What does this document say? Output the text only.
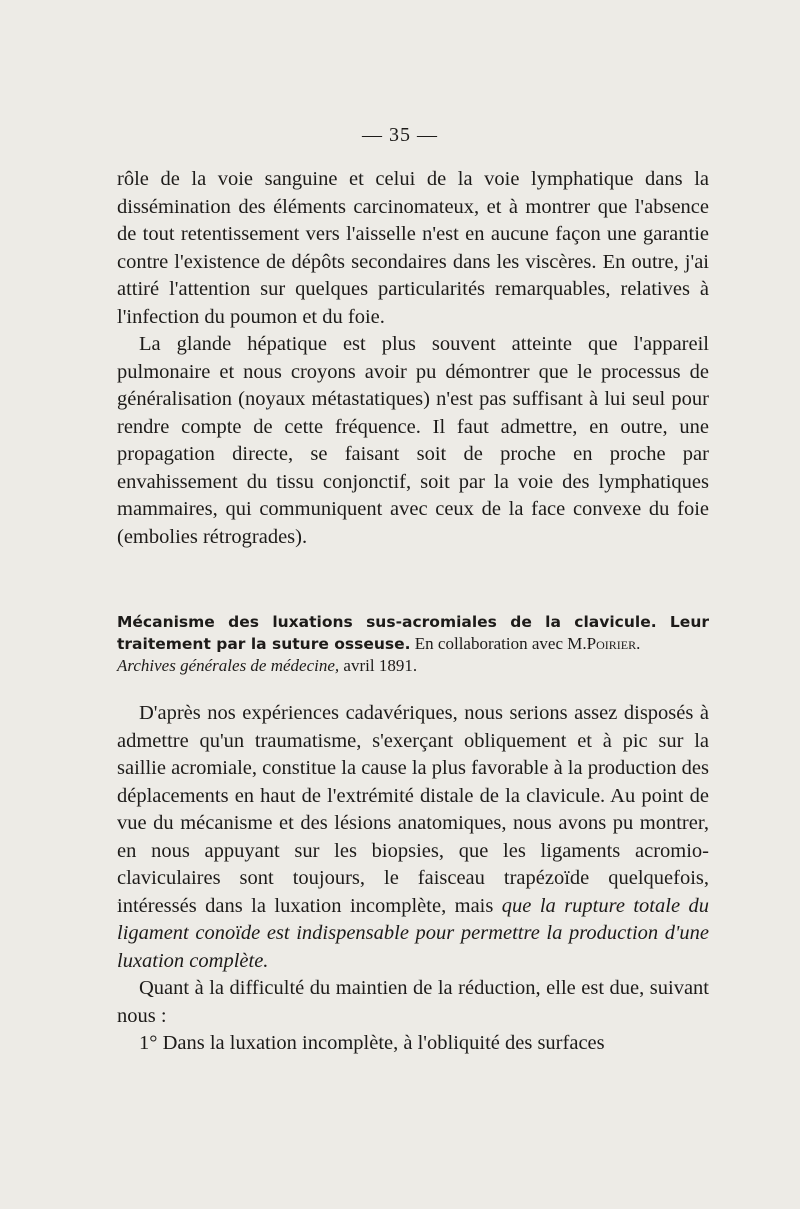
— 35 —

rôle de la voie sanguine et celui de la voie lymphatique dans la dissémination des éléments carcinomateux, et à montrer que l'absence de tout retentissement vers l'aisselle n'est en aucune façon une garantie contre l'existence de dépôts secondaires dans les viscères. En outre, j'ai attiré l'attention sur quelques particularités remarquables, relatives à l'infection du poumon et du foie.

La glande hépatique est plus souvent atteinte que l'appareil pulmonaire et nous croyons avoir pu démontrer que le processus de généralisation (noyaux métastatiques) n'est pas suffisant à lui seul pour rendre compte de cette fréquence. Il faut admettre, en outre, une propagation directe, se faisant soit de proche en proche par envahissement du tissu conjonctif, soit par la voie des lymphatiques mammaires, qui communiquent avec ceux de la face convexe du foie (embolies rétrogrades).

Mécanisme des luxations sus-acromiales de la clavicule. Leur traitement par la suture osseuse. En collaboration avec M.Poirier.
Archives générales de médecine, avril 1891.

D'après nos expériences cadavériques, nous serions assez disposés à admettre qu'un traumatisme, s'exerçant obliquement et à pic sur la saillie acromiale, constitue la cause la plus favorable à la production des déplacements en haut de l'extrémité distale de la clavicule. Au point de vue du mécanisme et des lésions anatomiques, nous avons pu montrer, en nous appuyant sur les biopsies, que les ligaments acromio-claviculaires sont toujours, le faisceau trapézoïde quelquefois, intéressés dans la luxation incomplète, mais que la rupture totale du ligament conoïde est indispensable pour permettre la production d'une luxation complète.

Quant à la difficulté du maintien de la réduction, elle est due, suivant nous :

1° Dans la luxation incomplète, à l'obliquité des surfaces
